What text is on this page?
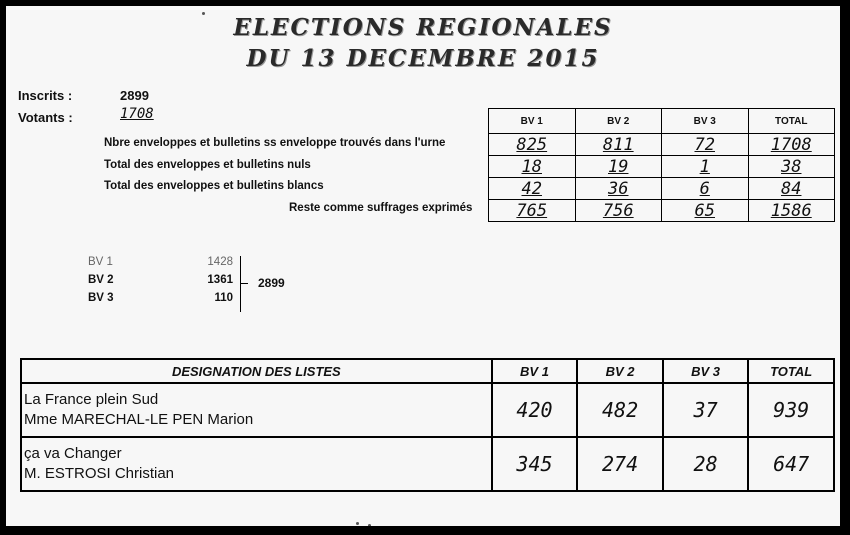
ELECTIONS REGIONALES
DU 13 DECEMBRE 2015
Inscrits :	2899
Votants :	1708
Nbre enveloppes et bulletins ss enveloppe trouvés dans l'urne
Total des enveloppes et bulletins nuls
Total des enveloppes et bulletins blancs
Reste comme suffrages exprimés
BV 1	BV 2	BV 3	TOTAL
825	811	72	1708
18	19	1	38
42	36	6	84
765	756	65	1586
BV 1	1428
BV 2	1361
BV 3	110
2899
DESIGNATION DES LISTES	BV 1	BV 2	BV 3	TOTAL

La France plein Sud
Mme MARECHAL-LE PEN Marion	420	482	37	939

ça va Changer
M. ESTROSI Christian	345	274	28	647
